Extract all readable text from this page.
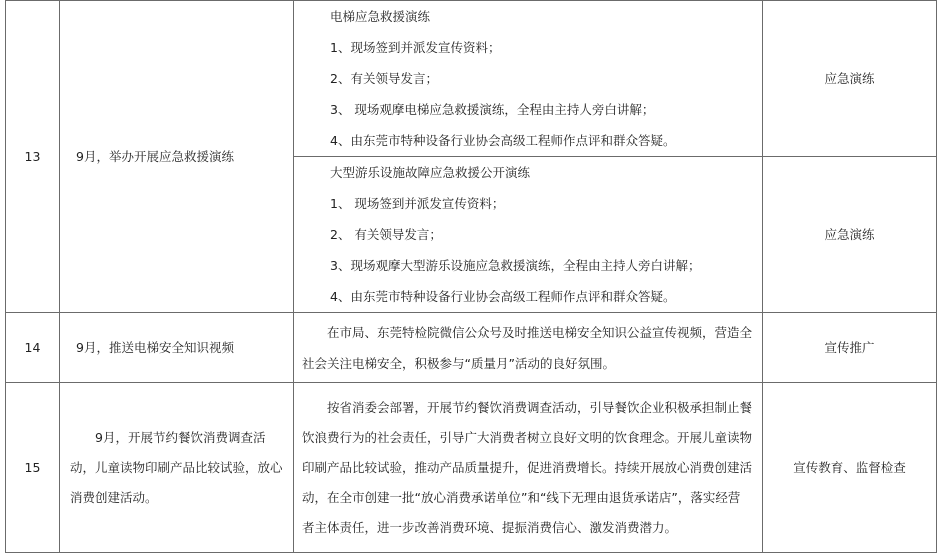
13	9月，举办开展应急救援演练	电梯应急救援演练
1、现场签到并派发宣传资料；
2、有关领导发言；
3、 现场观摩电梯应急救援演练，全程由主持人旁白讲解；
4、由东莞市特种设备行业协会高级工程师作点评和群众答疑。	应急演练

		大型游乐设施故障应急救援公开演练
1、 现场签到并派发宣传资料；
2、 有关领导发言；
3、现场观摩大型游乐设施应急救援演练，全程由主持人旁白讲解；
4、由东莞市特种设备行业协会高级工程师作点评和群众答疑。	应急演练
14	9月，推送电梯安全知识视频	在市局、东莞特检院微信公众号及时推送电梯安全知识公益宣传视频，营造全社会关注电梯安全，积极参与“质量月”活动的良好氛围。	宣传推广
15	9月，开展节约餐饮消费调查活动，儿童读物印刷产品比较试验，放心消费创建活动。	按省消委会部署，开展节约餐饮消费调查活动，引导餐饮企业积极承担制止餐饮浪费行为的社会责任，引导广大消费者树立良好文明的饮食理念。开展儿童读物印刷产品比较试验，推动产品质量提升，促进消费增长。持续开展放心消费创建活动，在全市创建一批“放心消费承诺单位”和“线下无理由退货承诺店”，落实经营者主体责任，进一步改善消费环境、提振消费信心、激发消费潜力。	宣传教育、监督检查
